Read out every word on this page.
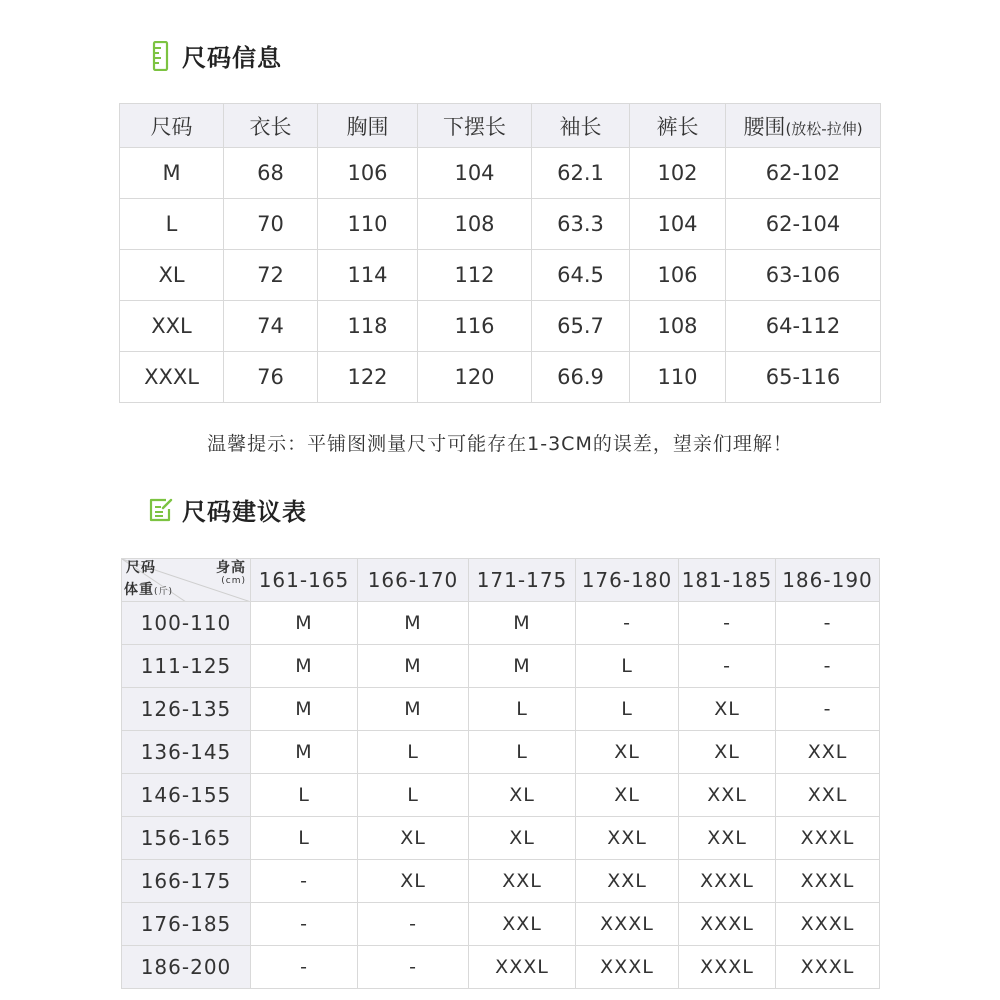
尺码信息
尺码	衣长	胸围	下摆长	袖长	裤长	腰围(放松-拉伸)
M	68	106	104	62.1	102	62-102
L	70	110	108	63.3	104	62-104
XL	72	114	112	64.5	106	63-106
XXL	74	118	116	65.7	108	64-112
XXXL	76	122	120	66.9	110	65-116
温馨提示：平铺图测量尺寸可能存在1-3CM的误差，望亲们理解！
尺码建议表
尺码 身高
(cm)
体重(斤)	161-165	166-170	171-175	176-180	181-185	186-190
100-110	M	M	M	-	-	-
111-125	M	M	M	L	-	-
126-135	M	M	L	L	XL	-
136-145	M	L	L	XL	XL	XXL
146-155	L	L	XL	XL	XXL	XXL
156-165	L	XL	XL	XXL	XXL	XXXL
166-175	-	XL	XXL	XXL	XXXL	XXXL
176-185	-	-	XXL	XXXL	XXXL	XXXL
186-200	-	-	XXXL	XXXL	XXXL	XXXL
